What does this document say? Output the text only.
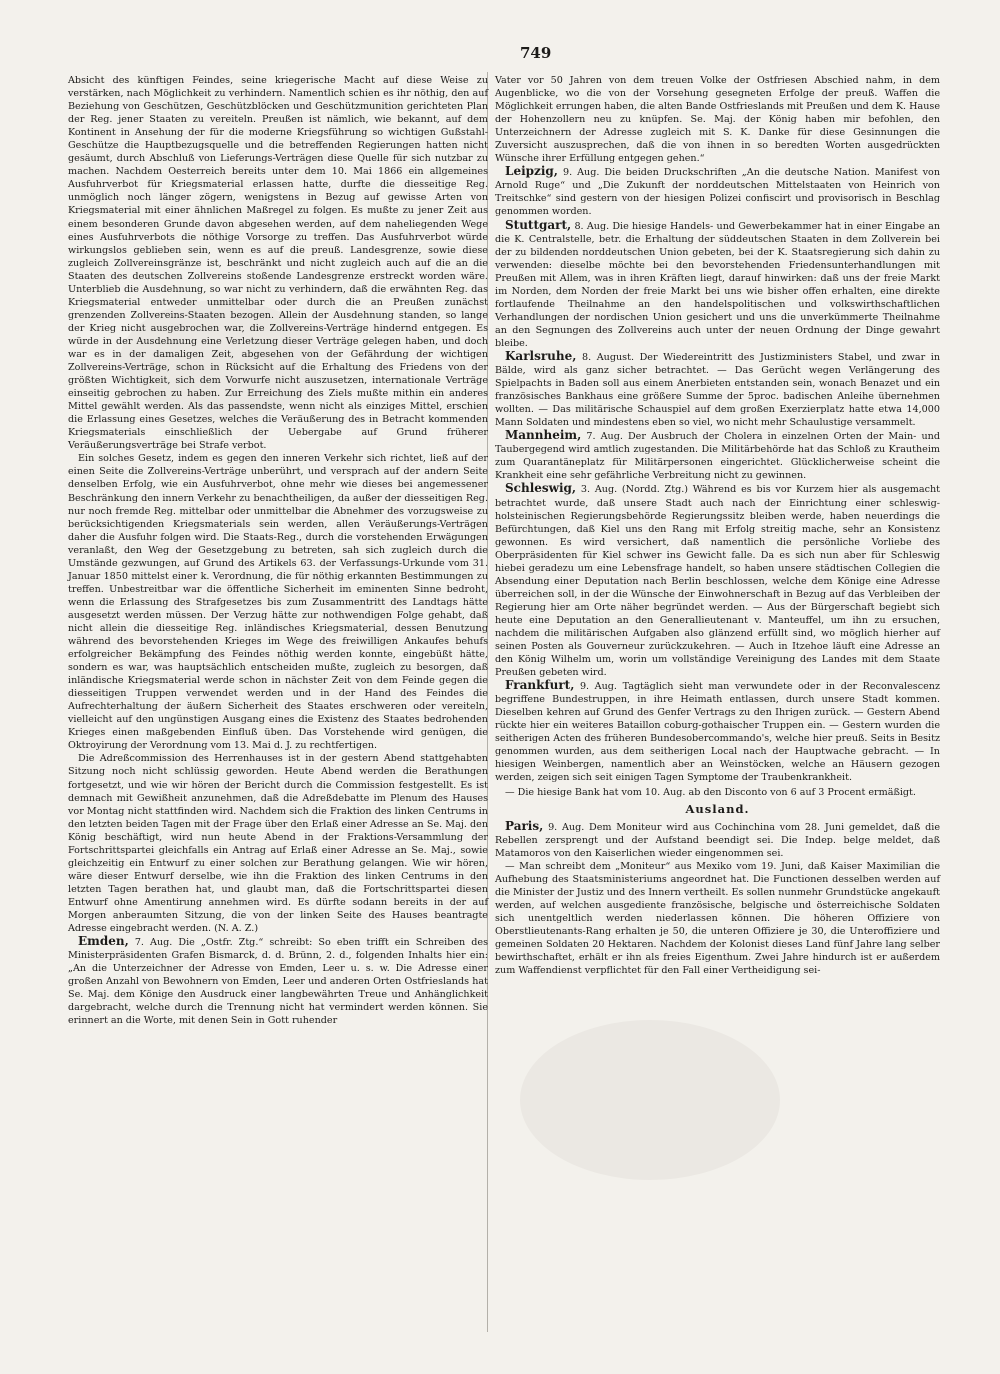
749

Absicht des künftigen Feindes, seine kriegerische Macht auf diese Weise zu verstärken, nach Möglichkeit zu verhindern. Namentlich schien es ihr nöthig, den auf Beziehung von Geschützen, Geschützblöcken und Geschützmunition gerichteten Plan der Reg. jener Staaten zu vereiteln. Preußen ist nämlich, wie bekannt, auf dem Kontinent in Ansehung der für die moderne Kriegsführung so wichtigen Gußstahl-Geschütze die Hauptbezugsquelle und die betreffenden Regierungen hatten nicht gesäumt, durch Abschluß von Lieferungs-Verträgen diese Quelle für sich nutzbar zu machen. Nachdem Oesterreich bereits unter dem 10. Mai 1866 ein allgemeines Ausfuhrverbot für Kriegsmaterial erlassen hatte, durfte die diesseitige Reg. unmöglich noch länger zögern, wenigstens in Bezug auf gewisse Arten von Kriegsmaterial mit einer ähnlichen Maßregel zu folgen. Es mußte zu jener Zeit aus einem besonderen Grunde davon abgesehen werden, auf dem naheliegenden Wege eines Ausfuhrverbots die nöthige Vorsorge zu treffen. Das Ausfuhrverbot würde wirkungslos geblieben sein, wenn es auf die preuß. Landesgrenze, sowie diese zugleich Zollvereinsgränze ist, beschränkt und nicht zugleich auch auf die an die Staaten des deutschen Zollvereins stoßende Landesgrenze erstreckt worden wäre. Unterblieb die Ausdehnung, so war nicht zu verhindern, daß die erwähnten Reg. das Kriegsmaterial entweder unmittelbar oder durch die an Preußen zunächst grenzenden Zollvereins-Staaten bezogen. Allein der Ausdehnung standen, so lange der Krieg nicht ausgebrochen war, die Zollvereins-Verträge hindernd entgegen. Es würde in der Ausdehnung eine Verletzung dieser Verträge gelegen haben, und doch war es in der damaligen Zeit, abgesehen von der Gefährdung der wichtigen Zollvereins-Verträge, schon in Rücksicht auf die Erhaltung des Friedens von der größten Wichtigkeit, sich dem Vorwurfe nicht auszusetzen, internationale Verträge einseitig gebrochen zu haben. Zur Erreichung des Ziels mußte mithin ein anderes Mittel gewählt werden. Als das passendste, wenn nicht als einziges Mittel, erschien die Erlassung eines Gesetzes, welches die Veräußerung des in Betracht kommenden Kriegsmaterials einschließlich der Uebergabe auf Grund früherer Veräußerungsverträge bei Strafe verbot.

Ein solches Gesetz, indem es gegen den inneren Verkehr sich richtet, ließ auf der einen Seite die Zollvereins-Verträge unberührt, und versprach auf der andern Seite denselben Erfolg, wie ein Ausfuhrverbot, ohne mehr wie dieses bei angemessener Beschränkung den innern Verkehr zu benachtheiligen, da außer der diesseitigen Reg. nur noch fremde Reg. mittelbar oder unmittelbar die Abnehmer des vorzugsweise zu berücksichtigenden Kriegsmaterials sein werden, allen Veräußerungs-Verträgen daher die Ausfuhr folgen wird. Die Staats-Reg., durch die vorstehenden Erwägungen veranlaßt, den Weg der Gesetzgebung zu betreten, sah sich zugleich durch die Umstände gezwungen, auf Grund des Artikels 63. der Verfassungs-Urkunde vom 31. Januar 1850 mittelst einer k. Verordnung, die für nöthig erkannten Bestimmungen zu treffen. Unbestreitbar war die öffentliche Sicherheit im eminenten Sinne bedroht, wenn die Erlassung des Strafgesetzes bis zum Zusammentritt des Landtags hätte ausgesetzt werden müssen. Der Verzug hätte zur nothwendigen Folge gehabt, daß nicht allein die diesseitige Reg. inländisches Kriegsmaterial, dessen Benutzung während des bevorstehenden Krieges im Wege des freiwilligen Ankaufes behufs erfolgreicher Bekämpfung des Feindes nöthig werden konnte, eingebüßt hätte, sondern es war, was hauptsächlich entscheiden mußte, zugleich zu besorgen, daß inländische Kriegsmaterial werde schon in nächster Zeit von dem Feinde gegen die diesseitigen Truppen verwendet werden und in der Hand des Feindes die Aufrechterhaltung der äußern Sicherheit des Staates erschweren oder vereiteln, vielleicht auf den ungünstigen Ausgang eines die Existenz des Staates bedrohenden Krieges einen maßgebenden Einfluß üben. Das Vorstehende wird genügen, die Oktroyirung der Verordnung vom 13. Mai d. J. zu rechtfertigen.

Die Adreßcommission des Herrenhauses ist in der gestern Abend stattgehabten Sitzung noch nicht schlüssig geworden. Heute Abend werden die Berathungen fortgesetzt, und wie wir hören der Bericht durch die Commission festgestellt. Es ist demnach mit Gewißheit anzunehmen, daß die Adreßdebatte im Plenum des Hauses vor Montag nicht stattfinden wird. Nachdem sich die Fraktion des linken Centrums in den letzten beiden Tagen mit der Frage über den Erlaß einer Adresse an Se. Maj. den König beschäftigt, wird nun heute Abend in der Fraktions-Versammlung der Fortschrittspartei gleichfalls ein Antrag auf Erlaß einer Adresse an Se. Maj., sowie gleichzeitig ein Entwurf zu einer solchen zur Berathung gelangen. Wie wir hören, wäre dieser Entwurf derselbe, wie ihn die Fraktion des linken Centrums in den letzten Tagen berathen hat, und glaubt man, daß die Fortschrittspartei diesen Entwurf ohne Amentirung annehmen wird. Es dürfte sodann bereits in der auf Morgen anberaumten Sitzung, die von der linken Seite des Hauses beantragte Adresse eingebracht werden. (N. A. Z.)

Emden, 7. Aug. Die „Ostfr. Ztg.“ schreibt: So eben trifft ein Schreiben des Ministerpräsidenten Grafen Bismarck, d. d. Brünn, 2. d., folgenden Inhalts hier ein: „An die Unterzeichner der Adresse von Emden, Leer u. s. w. Die Adresse einer großen Anzahl von Bewohnern von Emden, Leer und anderen Orten Ostfrieslands hat Se. Maj. dem Könige den Ausdruck einer langbewährten Treue und Anhänglichkeit dargebracht, welche durch die Trennung nicht hat vermindert werden können. Sie erinnert an die Worte, mit denen Sein in Gott ruhender

Vater vor 50 Jahren von dem treuen Volke der Ostfriesen Abschied nahm, in dem Augenblicke, wo die von der Vorsehung gesegneten Erfolge der preuß. Waffen die Möglichkeit errungen haben, die alten Bande Ostfrieslands mit Preußen und dem K. Hause der Hohenzollern neu zu knüpfen. Se. Maj. der König haben mir befohlen, den Unterzeichnern der Adresse zugleich mit S. K. Danke für diese Gesinnungen die Zuversicht auszusprechen, daß die von ihnen in so beredten Worten ausgedrückten Wünsche ihrer Erfüllung entgegen gehen.“

Leipzig, 9. Aug. Die beiden Druckschriften „An die deutsche Nation. Manifest von Arnold Ruge“ und „Die Zukunft der norddeutschen Mittelstaaten von Heinrich von Treitschke“ sind gestern von der hiesigen Polizei confiscirt und provisorisch in Beschlag genommen worden.

Stuttgart, 8. Aug. Die hiesige Handels- und Gewerbekammer hat in einer Eingabe an die K. Centralstelle, betr. die Erhaltung der süddeutschen Staaten in dem Zollverein bei der zu bildenden norddeutschen Union gebeten, bei der K. Staatsregierung sich dahin zu verwenden: dieselbe möchte bei den bevorstehenden Friedensunterhandlungen mit Preußen mit Allem, was in ihren Kräften liegt, darauf hinwirken: daß uns der freie Markt im Norden, dem Norden der freie Markt bei uns wie bisher offen erhalten, eine direkte fortlaufende Theilnahme an den handelspolitischen und volkswirthschaftlichen Verhandlungen der nordischen Union gesichert und uns die unverkümmerte Theilnahme an den Segnungen des Zollvereins auch unter der neuen Ordnung der Dinge gewahrt bleibe.

Karlsruhe, 8. August. Der Wiedereintritt des Justizministers Stabel, und zwar in Bälde, wird als ganz sicher betrachtet. — Das Gerücht wegen Verlängerung des Spielpachts in Baden soll aus einem Anerbieten entstanden sein, wonach Benazet und ein französisches Bankhaus eine größere Summe der 5proc. badischen Anleihe übernehmen wollten. — Das militärische Schauspiel auf dem großen Exerzierplatz hatte etwa 14,000 Mann Soldaten und mindestens eben so viel, wo nicht mehr Schaulustige versammelt.

Mannheim, 7. Aug. Der Ausbruch der Cholera in einzelnen Orten der Main- und Taubergegend wird amtlich zugestanden. Die Militärbehörde hat das Schloß zu Krautheim zum Quarantäneplatz für Militärpersonen eingerichtet. Glücklicherweise scheint die Krankheit eine sehr gefährliche Verbreitung nicht zu gewinnen.

Schleswig, 3. Aug. (Nordd. Ztg.) Während es bis vor Kurzem hier als ausgemacht betrachtet wurde, daß unsere Stadt auch nach der Einrichtung einer schleswig-holsteinischen Regierungsbehörde Regierungssitz bleiben werde, haben neuerdings die Befürchtungen, daß Kiel uns den Rang mit Erfolg streitig mache, sehr an Konsistenz gewonnen. Es wird versichert, daß namentlich die persönliche Vorliebe des Oberpräsidenten für Kiel schwer ins Gewicht falle. Da es sich nun aber für Schleswig hiebei geradezu um eine Lebensfrage handelt, so haben unsere städtischen Collegien die Absendung einer Deputation nach Berlin beschlossen, welche dem Könige eine Adresse überreichen soll, in der die Wünsche der Einwohnerschaft in Bezug auf das Verbleiben der Regierung hier am Orte näher begründet werden. — Aus der Bürgerschaft begiebt sich heute eine Deputation an den Generallieutenant v. Manteuffel, um ihn zu ersuchen, nachdem die militärischen Aufgaben also glänzend erfüllt sind, wo möglich hierher auf seinen Posten als Gouverneur zurückzukehren. — Auch in Itzehoe läuft eine Adresse an den König Wilhelm um, worin um vollständige Vereinigung des Landes mit dem Staate Preußen gebeten wird.

Frankfurt, 9. Aug. Tagtäglich sieht man verwundete oder in der Reconvalescenz begriffene Bundestruppen, in ihre Heimath entlassen, durch unsere Stadt kommen. Dieselben kehren auf Grund des Genfer Vertrags zu den Ihrigen zurück. — Gestern Abend rückte hier ein weiteres Bataillon coburg-gothaischer Truppen ein. — Gestern wurden die seitherigen Acten des früheren Bundesobercommando's, welche hier preuß. Seits in Besitz genommen wurden, aus dem seitherigen Local nach der Hauptwache gebracht. — In hiesigen Weinbergen, namentlich aber an Weinstöcken, welche an Häusern gezogen werden, zeigen sich seit einigen Tagen Symptome der Traubenkrankheit.

— Die hiesige Bank hat vom 10. Aug. ab den Disconto von 6 auf 3 Procent ermäßigt.

Ausland.

Paris, 9. Aug. Dem Moniteur wird aus Cochinchina vom 28. Juni gemeldet, daß die Rebellen zersprengt und der Aufstand beendigt sei. Die Indep. belge meldet, daß Matamoros von den Kaiserlichen wieder eingenommen sei.

— Man schreibt dem „Moniteur“ aus Mexiko vom 19. Juni, daß Kaiser Maximilian die Aufhebung des Staatsministeriums angeordnet hat. Die Functionen desselben werden auf die Minister der Justiz und des Innern vertheilt. Es sollen nunmehr Grundstücke angekauft werden, auf welchen ausgediente französische, belgische und österreichische Soldaten sich unentgeltlich werden niederlassen können. Die höheren Offiziere von Oberstlieutenants-Rang erhalten je 50, die unteren Offiziere je 30, die Unteroffiziere und gemeinen Soldaten 20 Hektaren. Nachdem der Kolonist dieses Land fünf Jahre lang selber bewirthschaftet, erhält er ihn als freies Eigenthum. Zwei Jahre hindurch ist er außerdem zum Waffendienst verpflichtet für den Fall einer Vertheidigung sei-
